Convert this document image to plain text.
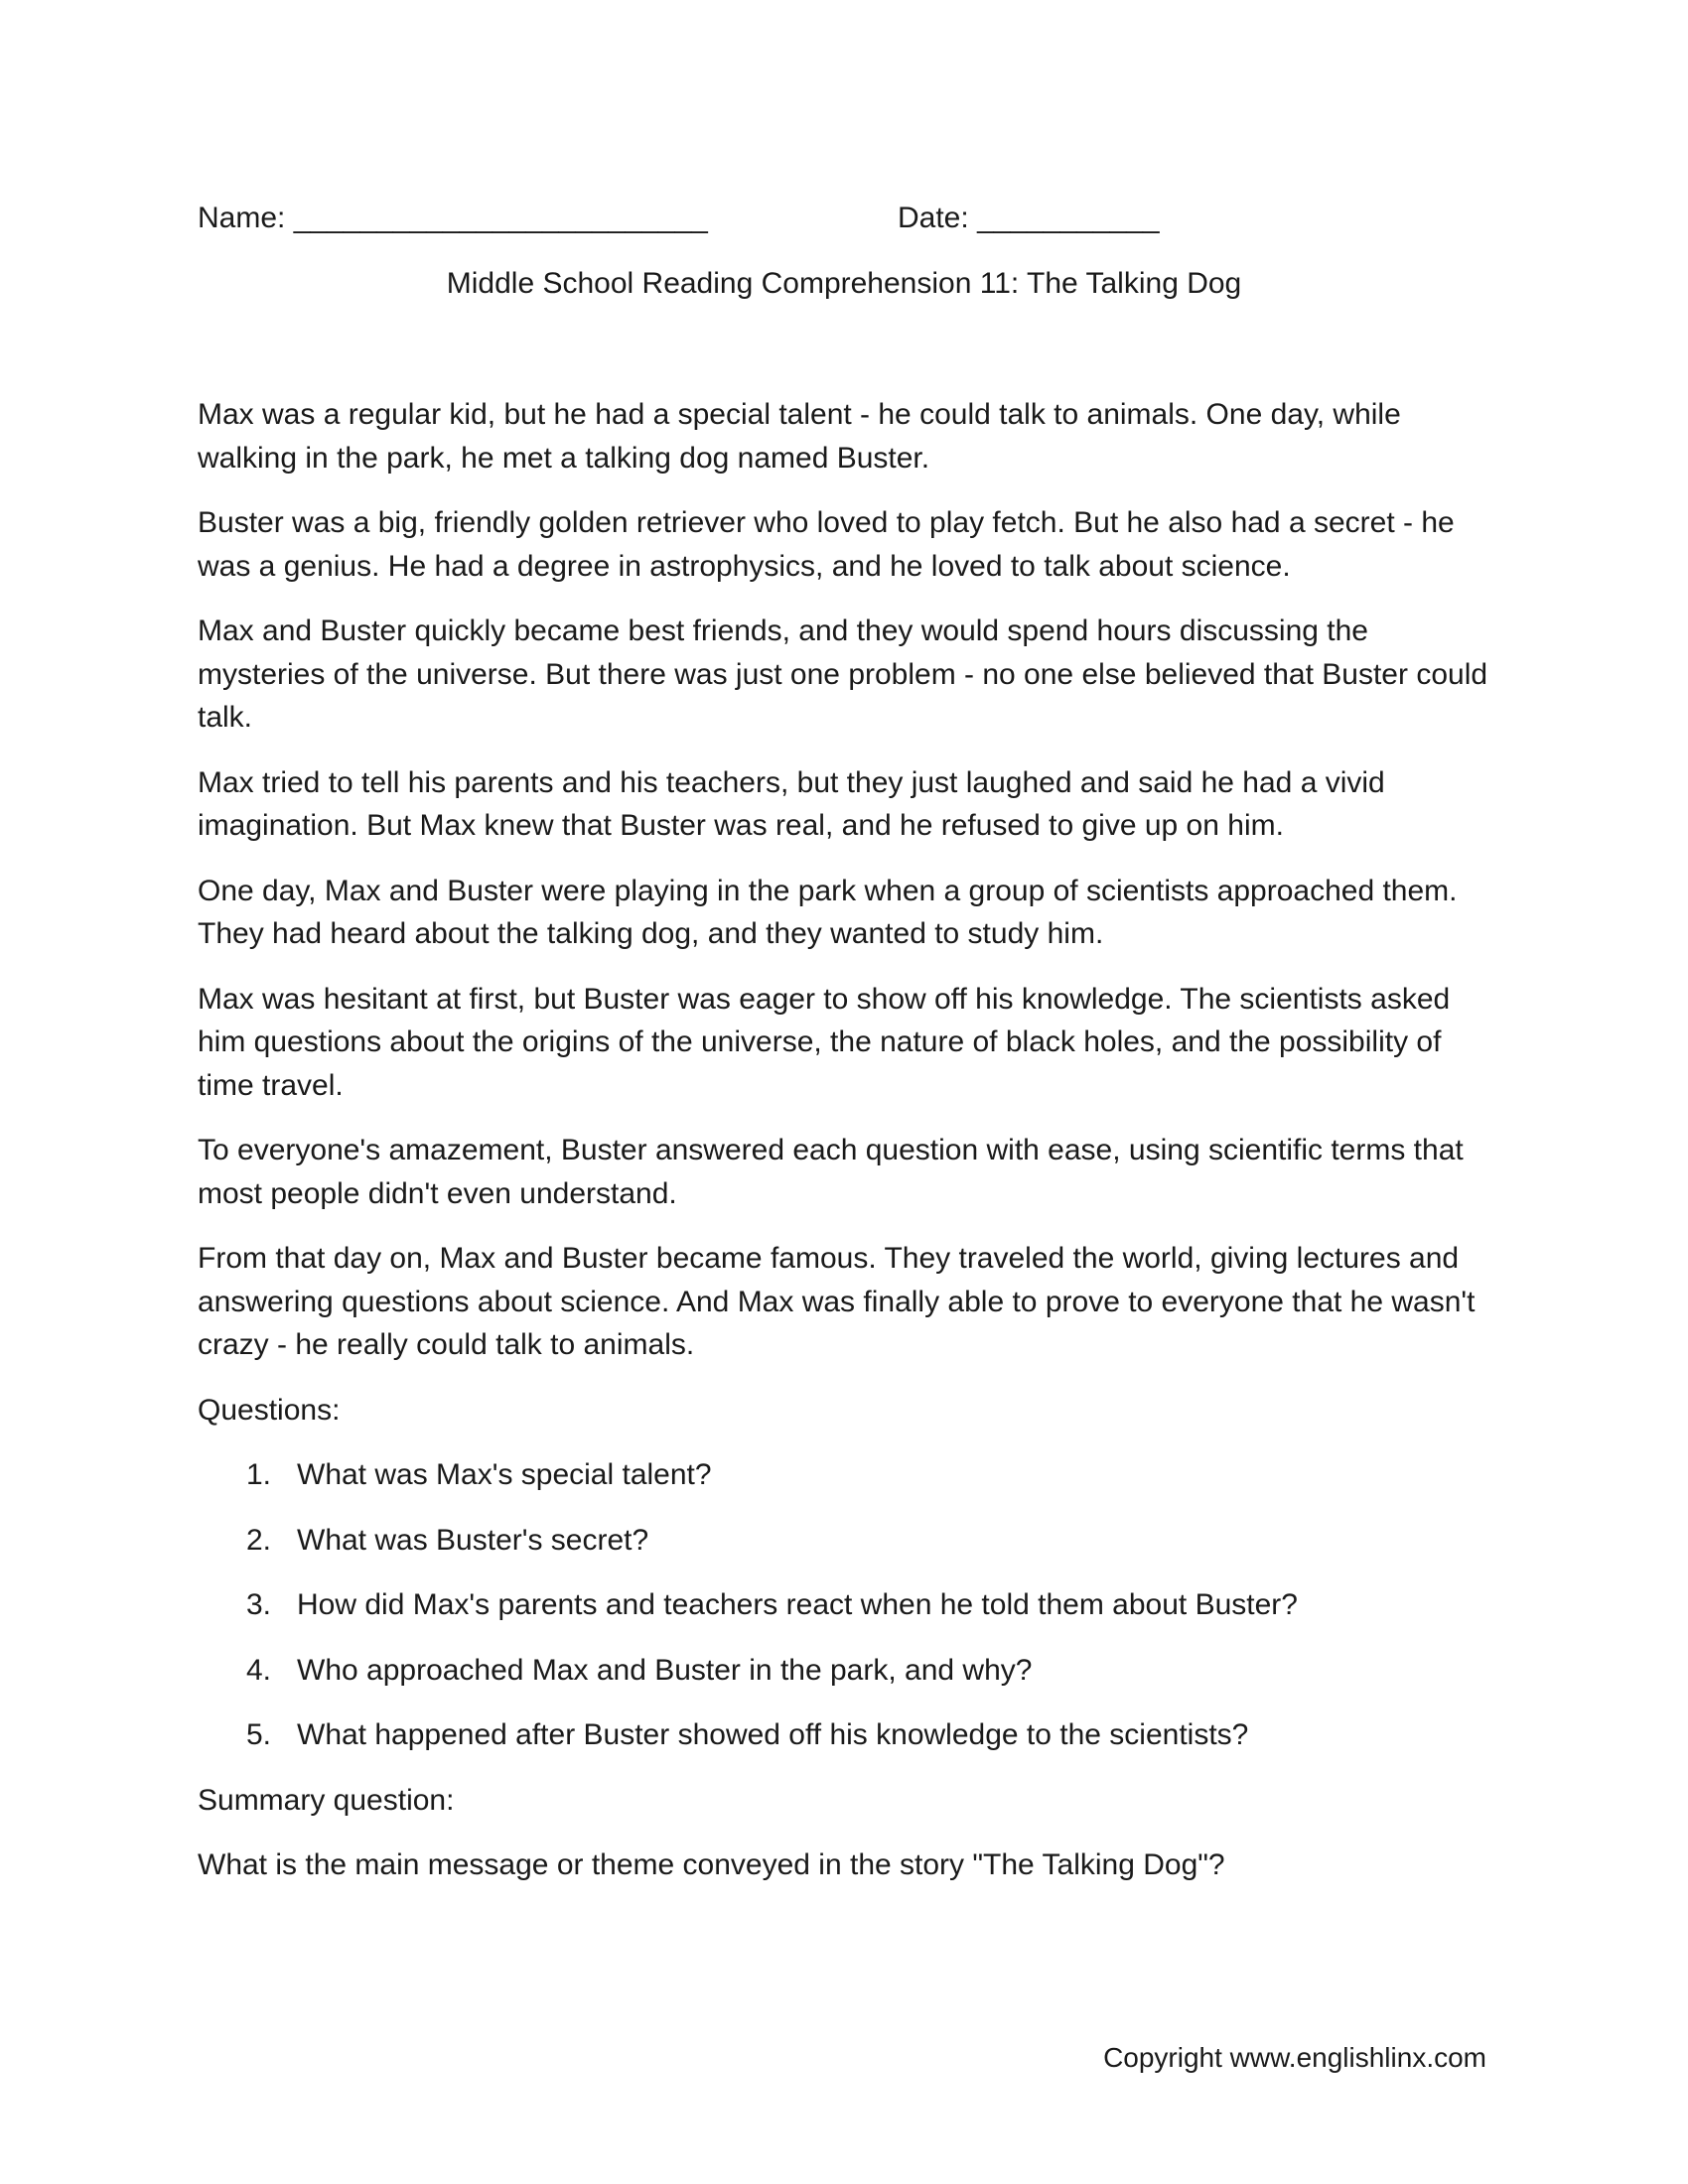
Name: _________________________	Date: ___________
Middle School Reading Comprehension 11: The Talking Dog

Max was a regular kid, but he had a special talent - he could talk to animals. One day, while walking in the park, he met a talking dog named Buster.

Buster was a big, friendly golden retriever who loved to play fetch. But he also had a secret - he was a genius. He had a degree in astrophysics, and he loved to talk about science.

Max and Buster quickly became best friends, and they would spend hours discussing the mysteries of the universe. But there was just one problem - no one else believed that Buster could talk.

Max tried to tell his parents and his teachers, but they just laughed and said he had a vivid imagination. But Max knew that Buster was real, and he refused to give up on him.

One day, Max and Buster were playing in the park when a group of scientists approached them. They had heard about the talking dog, and they wanted to study him.

Max was hesitant at first, but Buster was eager to show off his knowledge. The scientists asked him questions about the origins of the universe, the nature of black holes, and the possibility of time travel.

To everyone's amazement, Buster answered each question with ease, using scientific terms that most people didn't even understand.

From that day on, Max and Buster became famous. They traveled the world, giving lectures and answering questions about science. And Max was finally able to prove to everyone that he wasn't crazy - he really could talk to animals.

Questions:
1. What was Max's special talent?
2. What was Buster's secret?
3. How did Max's parents and teachers react when he told them about Buster?
4. Who approached Max and Buster in the park, and why?
5. What happened after Buster showed off his knowledge to the scientists?
Summary question:

What is the main message or theme conveyed in the story "The Talking Dog"?

Copyright www.englishlinx.com
